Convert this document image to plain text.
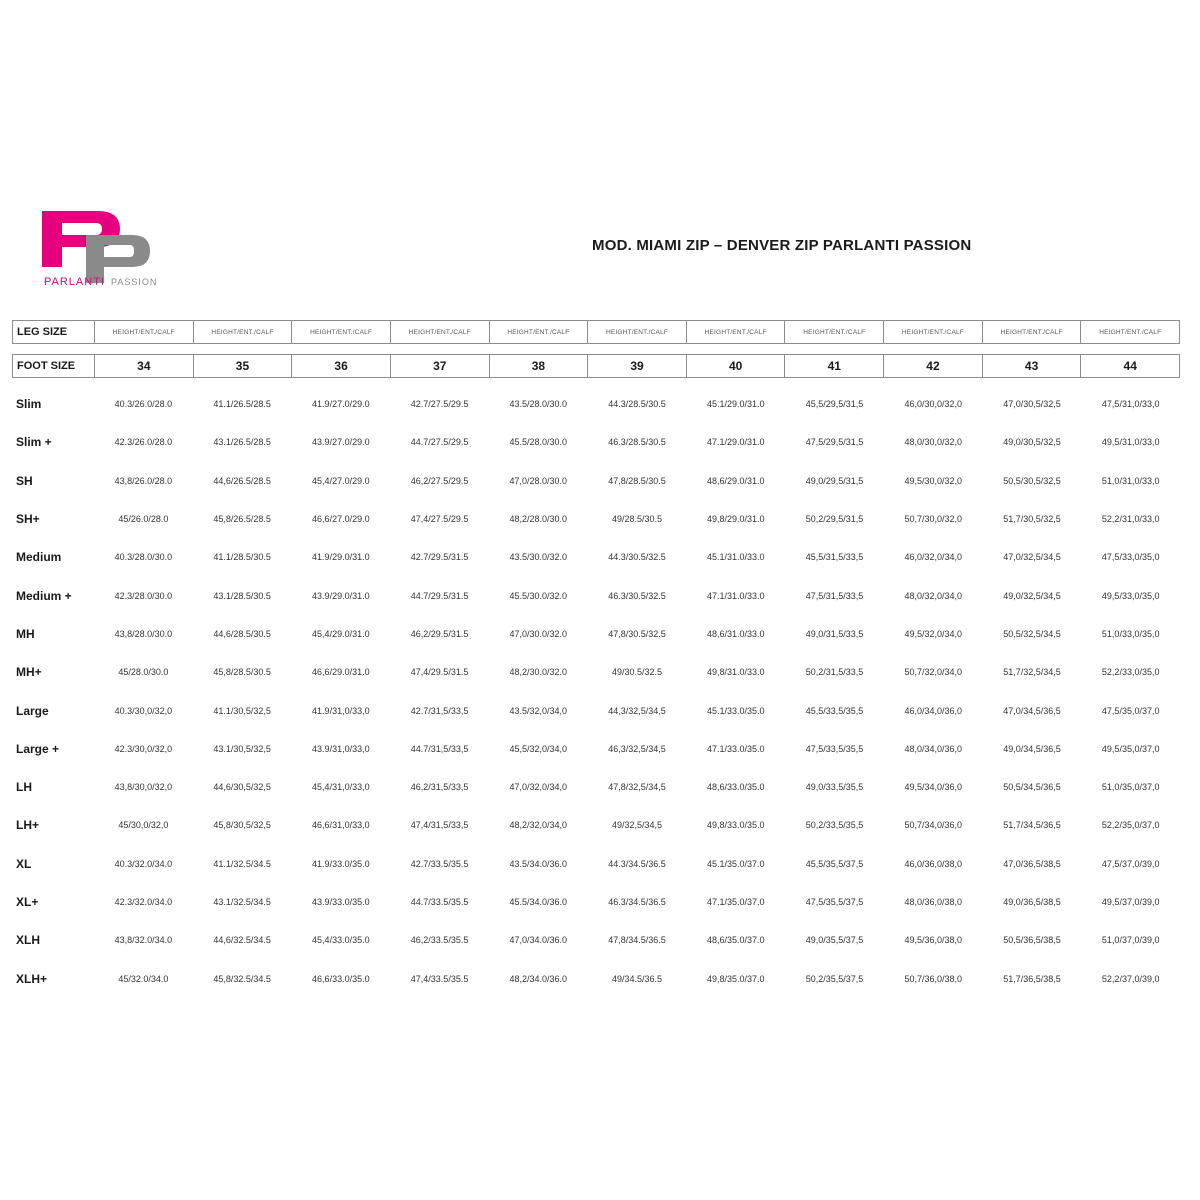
PARLANTI PASSION
MOD. MIAMI ZIP – DENVER ZIP PARLANTI PASSION
LEG SIZE	HEIGHT/ENT./CALF	HEIGHT/ENT./CALF	HEIGHT/ENT./CALF	HEIGHT/ENT./CALF	HEIGHT/ENT./CALF	HEIGHT/ENT./CALF	HEIGHT/ENT./CALF	HEIGHT/ENT./CALF	HEIGHT/ENT./CALF	HEIGHT/ENT./CALF	HEIGHT/ENT./CALF
FOOT SIZE	34	35	36	37	38	39	40	41	42	43	44
Slim	40.3/26.0/28.0	41.1/26.5/28.5	41.9/27.0/29.0	42.7/27.5/29.5	43.5/28.0/30.0	44.3/28.5/30.5	45.1/29.0/31.0	45,5/29,5/31,5	46,0/30,0/32,0	47,0/30,5/32,5	47,5/31,0/33,0
Slim +	42.3/26.0/28.0	43.1/26.5/28.5	43.9/27.0/29.0	44.7/27.5/29.5	45.5/28.0/30.0	46.3/28.5/30.5	47.1/29.0/31.0	47,5/29,5/31,5	48,0/30,0/32,0	49,0/30,5/32,5	49,5/31,0/33,0
SH	43,8/26.0/28.0	44,6/26.5/28.5	45,4/27.0/29.0	46,2/27.5/29.5	47,0/28.0/30.0	47,8/28.5/30.5	48,6/29.0/31.0	49,0/29,5/31,5	49,5/30,0/32,0	50,5/30,5/32,5	51,0/31,0/33,0
SH+	45/26.0/28.0	45,8/26.5/28.5	46,6/27.0/29.0	47,4/27.5/29.5	48,2/28.0/30.0	49/28.5/30.5	49,8/29.0/31.0	50,2/29,5/31,5	50,7/30,0/32,0	51,7/30,5/32,5	52,2/31,0/33,0
Medium	40.3/28.0/30.0	41.1/28.5/30.5	41.9/29.0/31.0	42.7/29.5/31.5	43.5/30.0/32.0	44.3/30.5/32.5	45.1/31.0/33.0	45,5/31,5/33,5	46,0/32,0/34,0	47,0/32,5/34,5	47,5/33,0/35,0
Medium +	42.3/28.0/30.0	43.1/28.5/30.5	43.9/29.0/31.0	44.7/29.5/31.5	45.5/30.0/32.0	46.3/30.5/32.5	47.1/31.0/33.0	47,5/31,5/33,5	48,0/32,0/34,0	49,0/32,5/34,5	49,5/33,0/35,0
MH	43,8/28.0/30.0	44,6/28.5/30.5	45,4/29.0/31.0	46,2/29.5/31.5	47,0/30.0/32.0	47,8/30.5/32.5	48,6/31.0/33.0	49,0/31,5/33,5	49,5/32,0/34,0	50,5/32,5/34,5	51,0/33,0/35,0
MH+	45/28.0/30.0	45,8/28.5/30.5	46,6/29.0/31.0	47,4/29.5/31.5	48,2/30.0/32.0	49/30.5/32.5	49,8/31.0/33.0	50,2/31,5/33,5	50,7/32,0/34,0	51,7/32,5/34,5	52,2/33,0/35,0
Large	40.3/30,0/32,0	41.1/30,5/32,5	41.9/31,0/33,0	42.7/31,5/33,5	43.5/32,0/34,0	44,3/32,5/34,5	45.1/33.0/35.0	45,5/33,5/35,5	46,0/34,0/36,0	47,0/34,5/36,5	47,5/35,0/37,0
Large +	42.3/30,0/32,0	43.1/30,5/32,5	43.9/31,0/33,0	44.7/31,5/33,5	45,5/32,0/34,0	46,3/32,5/34,5	47.1/33.0/35.0	47,5/33,5/35,5	48,0/34,0/36,0	49,0/34,5/36,5	49,5/35,0/37,0
LH	43,8/30,0/32,0	44,6/30,5/32,5	45,4/31,0/33,0	46,2/31,5/33,5	47,0/32,0/34,0	47,8/32,5/34,5	48,6/33.0/35.0	49,0/33,5/35,5	49,5/34,0/36,0	50,5/34,5/36,5	51,0/35,0/37,0
LH+	45/30,0/32,0	45,8/30,5/32,5	46,6/31,0/33,0	47,4/31,5/33,5	48,2/32,0/34,0	49/32,5/34,5	49,8/33.0/35.0	50,2/33,5/35,5	50,7/34,0/36,0	51,7/34,5/36,5	52,2/35,0/37,0
XL	40.3/32.0/34.0	41.1/32.5/34.5	41.9/33.0/35.0	42.7/33.5/35.5	43.5/34.0/36.0	44.3/34.5/36.5	45.1/35.0/37.0	45,5/35,5/37,5	46,0/36,0/38,0	47,0/36,5/38,5	47,5/37,0/39,0
XL+	42.3/32.0/34.0	43.1/32.5/34.5	43.9/33.0/35.0	44.7/33.5/35.5	45.5/34.0/36.0	46.3/34.5/36.5	47.1/35.0/37.0	47,5/35,5/37,5	48,0/36,0/38,0	49,0/36,5/38,5	49,5/37,0/39,0
XLH	43,8/32.0/34.0	44,6/32.5/34.5	45,4/33.0/35.0	46,2/33.5/35.5	47,0/34.0/36.0	47,8/34.5/36.5	48,6/35.0/37.0	49,0/35,5/37,5	49,5/36,0/38,0	50,5/36,5/38,5	51,0/37,0/39,0
XLH+	45/32.0/34.0	45,8/32.5/34.5	46,6/33.0/35.0	47,4/33.5/35.5	48,2/34.0/36.0	49/34.5/36.5	49,8/35.0/37.0	50,2/35,5/37,5	50,7/36,0/38,0	51,7/36,5/38,5	52,2/37,0/39,0
